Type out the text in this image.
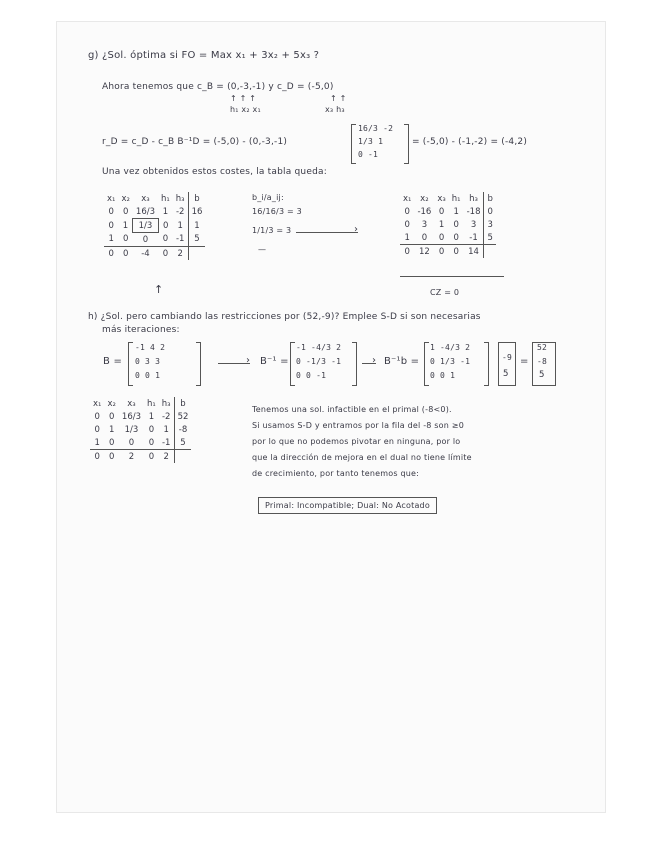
g) ¿Sol. óptima si FO = Max x₁ + 3x₂ + 5x₃ ?
Ahora tenemos que c_B = (0,-3,-1) y c_D = (-5,0)
↑ ↑ ↑
h₁ x₂ x₁
↑ ↑
x₃ h₃
r_D = c_D - c_B B⁻¹D = (-5,0) - (0,-3,-1)
16/3 -2
1/3 1
0 -1
= (-5,0) - (-1,-2) = (-4,2)
Una vez obtenidos estos costes, la tabla queda:
x₁	x₂	x₃	h₁	h₃	b
0	0	16/3	1	-2	16
0	1	1/3	0	1	1
1	0	0	0	-1	5
0	0	-4	0	2	
b_i/a_ij:
16/16/3 = 3
1/1/3 = 3
—
↑
›
x₁	x₂	x₃	h₁	h₃	b
0	-16	0	1	-18	0
0	3	1	0	3	3
1	0	0	0	-1	5
0	12	0	0	14	
CZ = 0
h) ¿Sol. pero cambiando las restricciones por (52,-9)? Emplee S-D si son necesarias
más iteraciones:
B =
-1 4 2
0 3 3
0 0 1
› B⁻¹ =
-1 -4/3 2
0 -1/3 -1
0 0 -1
› B⁻¹b =
1 -4/3 2
0 1/3 -1
0 0 1
-9
5
=
52
-8
5
x₁	x₂	x₃	h₁	h₃	b
0	0	16/3	1	-2	52
0	1	1/3	0	1	-8
1	0	0	0	-1	5
0	0	2	0	2	
Tenemos una sol. infactible en el primal (-8<0).
Si usamos S-D y entramos por la fila del -8 son ≥0
por lo que no podemos pivotar en ninguna, por lo
que la dirección de mejora en el dual no tiene límite
de crecimiento, por tanto tenemos que:
Primal: Incompatible; Dual: No Acotado
